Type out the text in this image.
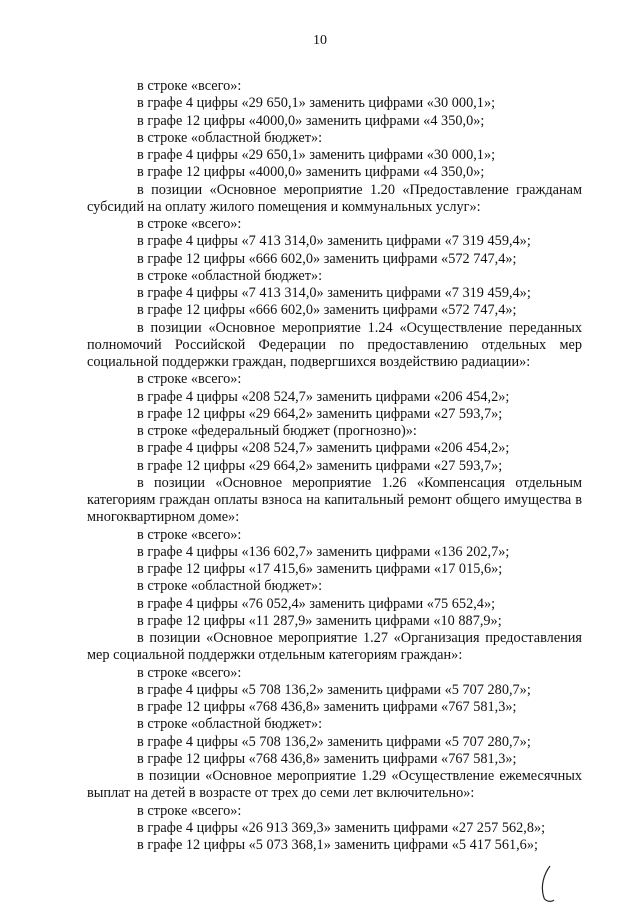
10
в строке «всего»:
в графе 4 цифры «29 650,1» заменить цифрами «30 000,1»;
в графе 12 цифры «4000,0» заменить цифрами «4 350,0»;
в строке «областной бюджет»:
в графе 4 цифры «29 650,1» заменить цифрами «30 000,1»;
в графе 12 цифры «4000,0» заменить цифрами «4 350,0»;
в позиции «Основное мероприятие 1.20 «Предоставление гражданам субсидий на оплату жилого помещения и коммунальных услуг»:
в строке «всего»:
в графе 4 цифры «7 413 314,0» заменить цифрами «7 319 459,4»;
в графе 12 цифры «666 602,0» заменить цифрами «572 747,4»;
в строке «областной бюджет»:
в графе 4 цифры «7 413 314,0» заменить цифрами «7 319 459,4»;
в графе 12 цифры «666 602,0» заменить цифрами «572 747,4»;
в позиции «Основное мероприятие 1.24 «Осуществление переданных полномочий Российской Федерации по предоставлению отдельных мер социальной поддержки граждан, подвергшихся воздействию радиации»:
в строке «всего»:
в графе 4 цифры «208 524,7» заменить цифрами «206 454,2»;
в графе 12 цифры «29 664,2» заменить цифрами «27 593,7»;
в строке «федеральный бюджет (прогнозно)»:
в графе 4 цифры «208 524,7» заменить цифрами «206 454,2»;
в графе 12 цифры «29 664,2» заменить цифрами «27 593,7»;
в позиции «Основное мероприятие 1.26 «Компенсация отдельным категориям граждан оплаты взноса на капитальный ремонт общего имущества в многоквартирном доме»:
в строке «всего»:
в графе 4 цифры «136 602,7» заменить цифрами «136 202,7»;
в графе 12 цифры «17 415,6» заменить цифрами «17 015,6»;
в строке «областной бюджет»:
в графе 4 цифры «76 052,4» заменить цифрами «75 652,4»;
в графе 12 цифры «11 287,9» заменить цифрами «10 887,9»;
в позиции «Основное мероприятие 1.27 «Организация предоставления мер социальной поддержки отдельным категориям граждан»:
в строке «всего»:
в графе 4 цифры «5 708 136,2» заменить цифрами «5 707 280,7»;
в графе 12 цифры «768 436,8» заменить цифрами «767 581,3»;
в строке «областной бюджет»:
в графе 4 цифры «5 708 136,2» заменить цифрами «5 707 280,7»;
в графе 12 цифры «768 436,8» заменить цифрами «767 581,3»;
в позиции «Основное мероприятие 1.29 «Осуществление ежемесячных выплат на детей в возрасте от трех до семи лет включительно»:
в строке «всего»:
в графе 4 цифры «26 913 369,3» заменить цифрами «27 257 562,8»;
в графе 12 цифры «5 073 368,1» заменить цифрами «5 417 561,6»;
